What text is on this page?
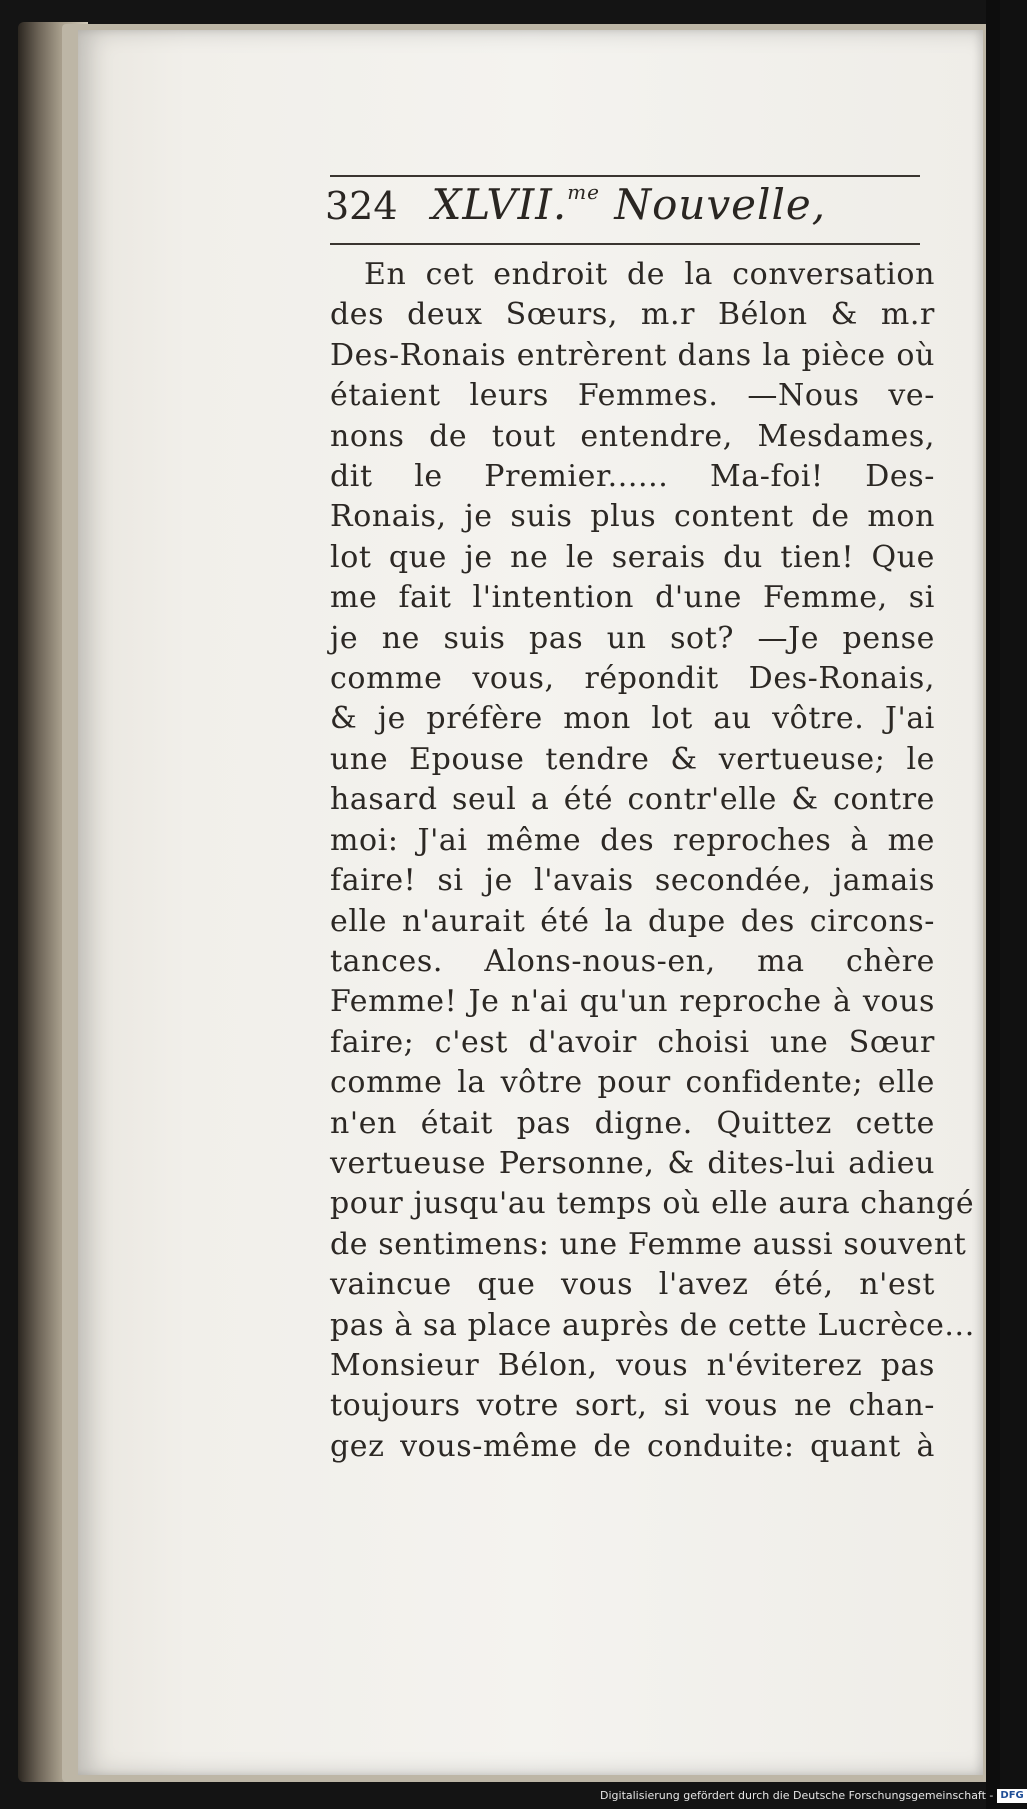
324 XLVII.$^{me}$ Nouvelle,
En cet endroit de la conversation
des deux Sœurs, m.r Bélon & m.r
Des-Ronais entrèrent dans la pièce où
étaient leurs Femmes. —Nous ve-
nons de tout entendre, Mesdames,
dit le Premier...... Ma-foi! Des-
Ronais, je suis plus content de mon
lot que je ne le serais du tien! Que
me fait l'intention d'une Femme, si
je ne suis pas un sot? —Je pense
comme vous, répondit Des-Ronais,
& je préfère mon lot au vôtre. J'ai
une Epouse tendre & vertueuse; le
hasard seul a été contr'elle & contre
moi: J'ai même des reproches à me
faire! si je l'avais secondée, jamais
elle n'aurait été la dupe des circons-
tances. Alons-nous-en, ma chère
Femme! Je n'ai qu'un reproche à vous
faire; c'est d'avoir choisi une Sœur
comme la vôtre pour confidente; elle
n'en était pas digne. Quittez cette
vertueuse Personne, & dites-lui adieu
pour jusqu'au temps où elle aura changé
de sentimens: une Femme aussi souvent
vaincue que vous l'avez été, n'est
pas à sa place auprès de cette Lucrèce...
Monsieur Bélon, vous n'éviterez pas
toujours votre sort, si vous ne chan-
gez vous-même de conduite: quant à
Digitalisierung gefördert durch die Deutsche Forschungsgemeinschaft - DFG
